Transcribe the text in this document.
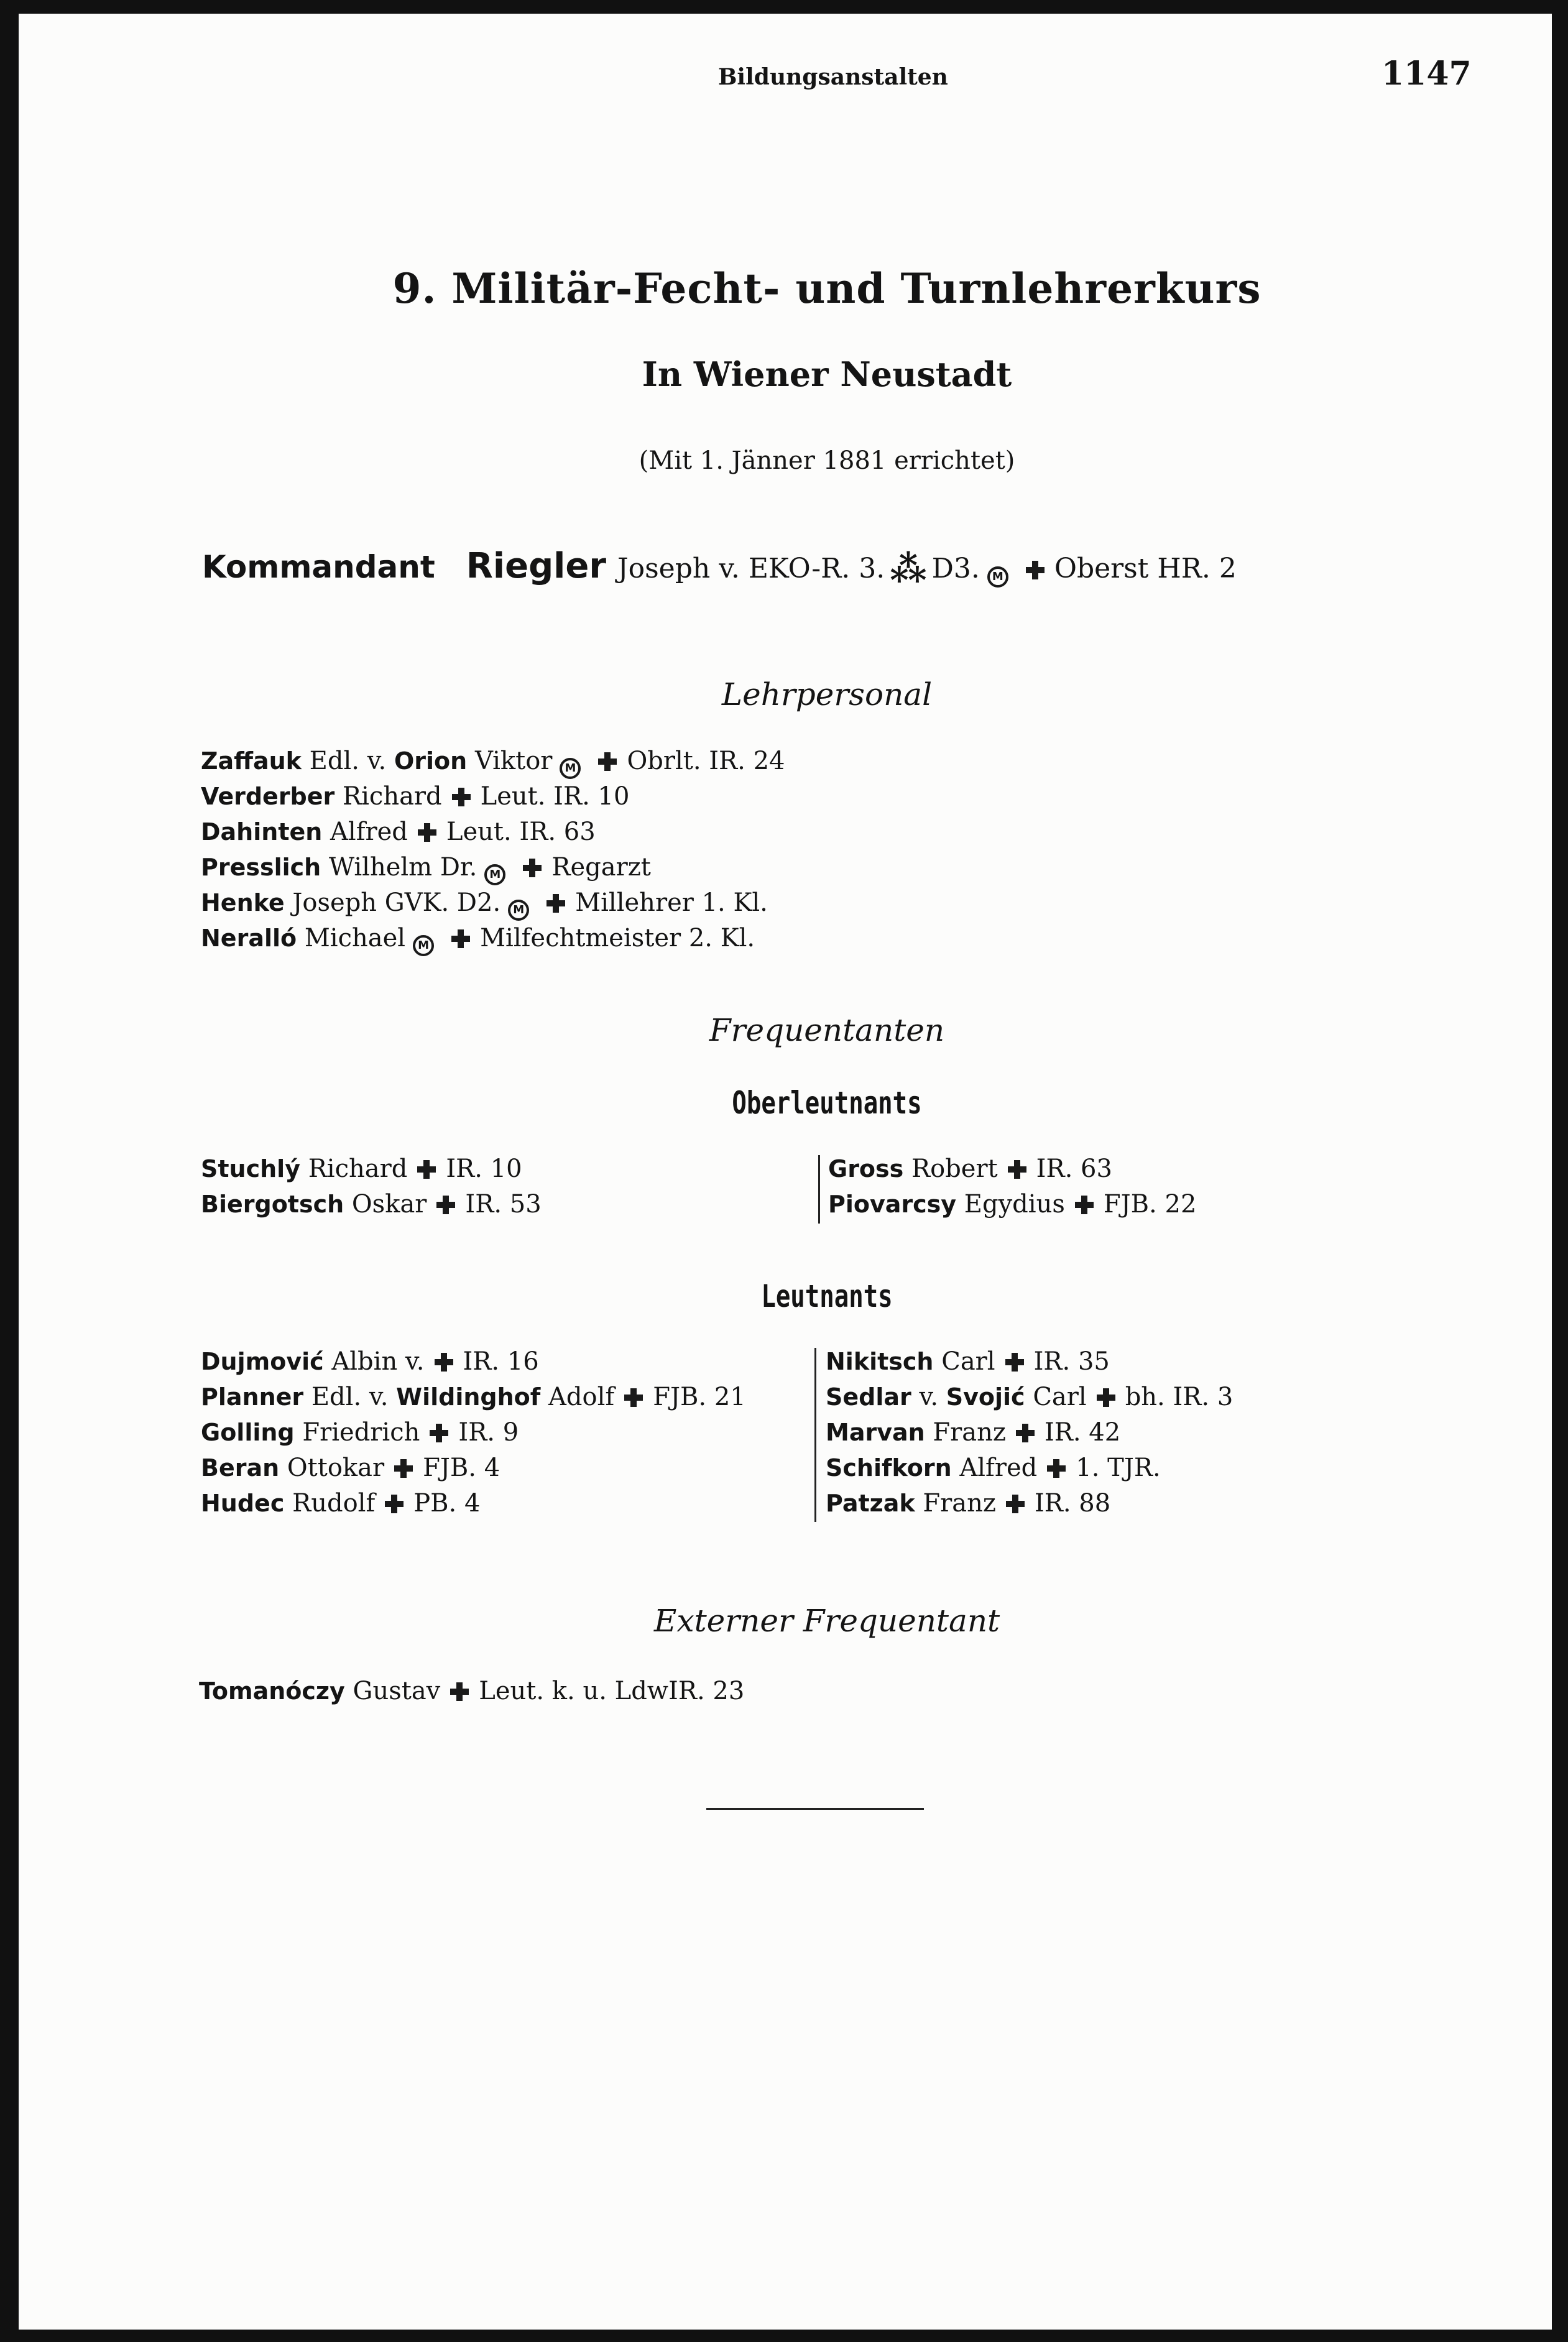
Bildungsanstalten	1147
9. Militär-Fecht- und Turnlehrerkurs
In Wiener Neustadt
(Mit 1. Jänner 1881 errichtet)
Kommandant Riegler Joseph v. EKO-R. 3. ⁂ D3. M Oberst HR. 2
Lehrpersonal
Zaffauk Edl. v. Orion Viktor M Obrlt. IR. 24
Verderber Richard Leut. IR. 10
Dahinten Alfred Leut. IR. 63
Presslich Wilhelm Dr. M Regarzt
Henke Joseph GVK. D2. M Millehrer 1. Kl.
Neralló Michael M Milfechtmeister 2. Kl.
Frequentanten
Oberleutnants
Stuchlý Richard IR. 10
Biergotsch Oskar IR. 53
Gross Robert IR. 63
Piovarcsy Egydius FJB. 22
Leutnants
Dujmović Albin v. IR. 16
Planner Edl. v. Wildinghof Adolf FJB. 21
Golling Friedrich IR. 9
Beran Ottokar FJB. 4
Hudec Rudolf PB. 4
Nikitsch Carl IR. 35
Sedlar v. Svojić Carl bh. IR. 3
Marvan Franz IR. 42
Schifkorn Alfred 1. TJR.
Patzak Franz IR. 88
Externer Frequentant
Tomanóczy Gustav Leut. k. u. LdwIR. 23
